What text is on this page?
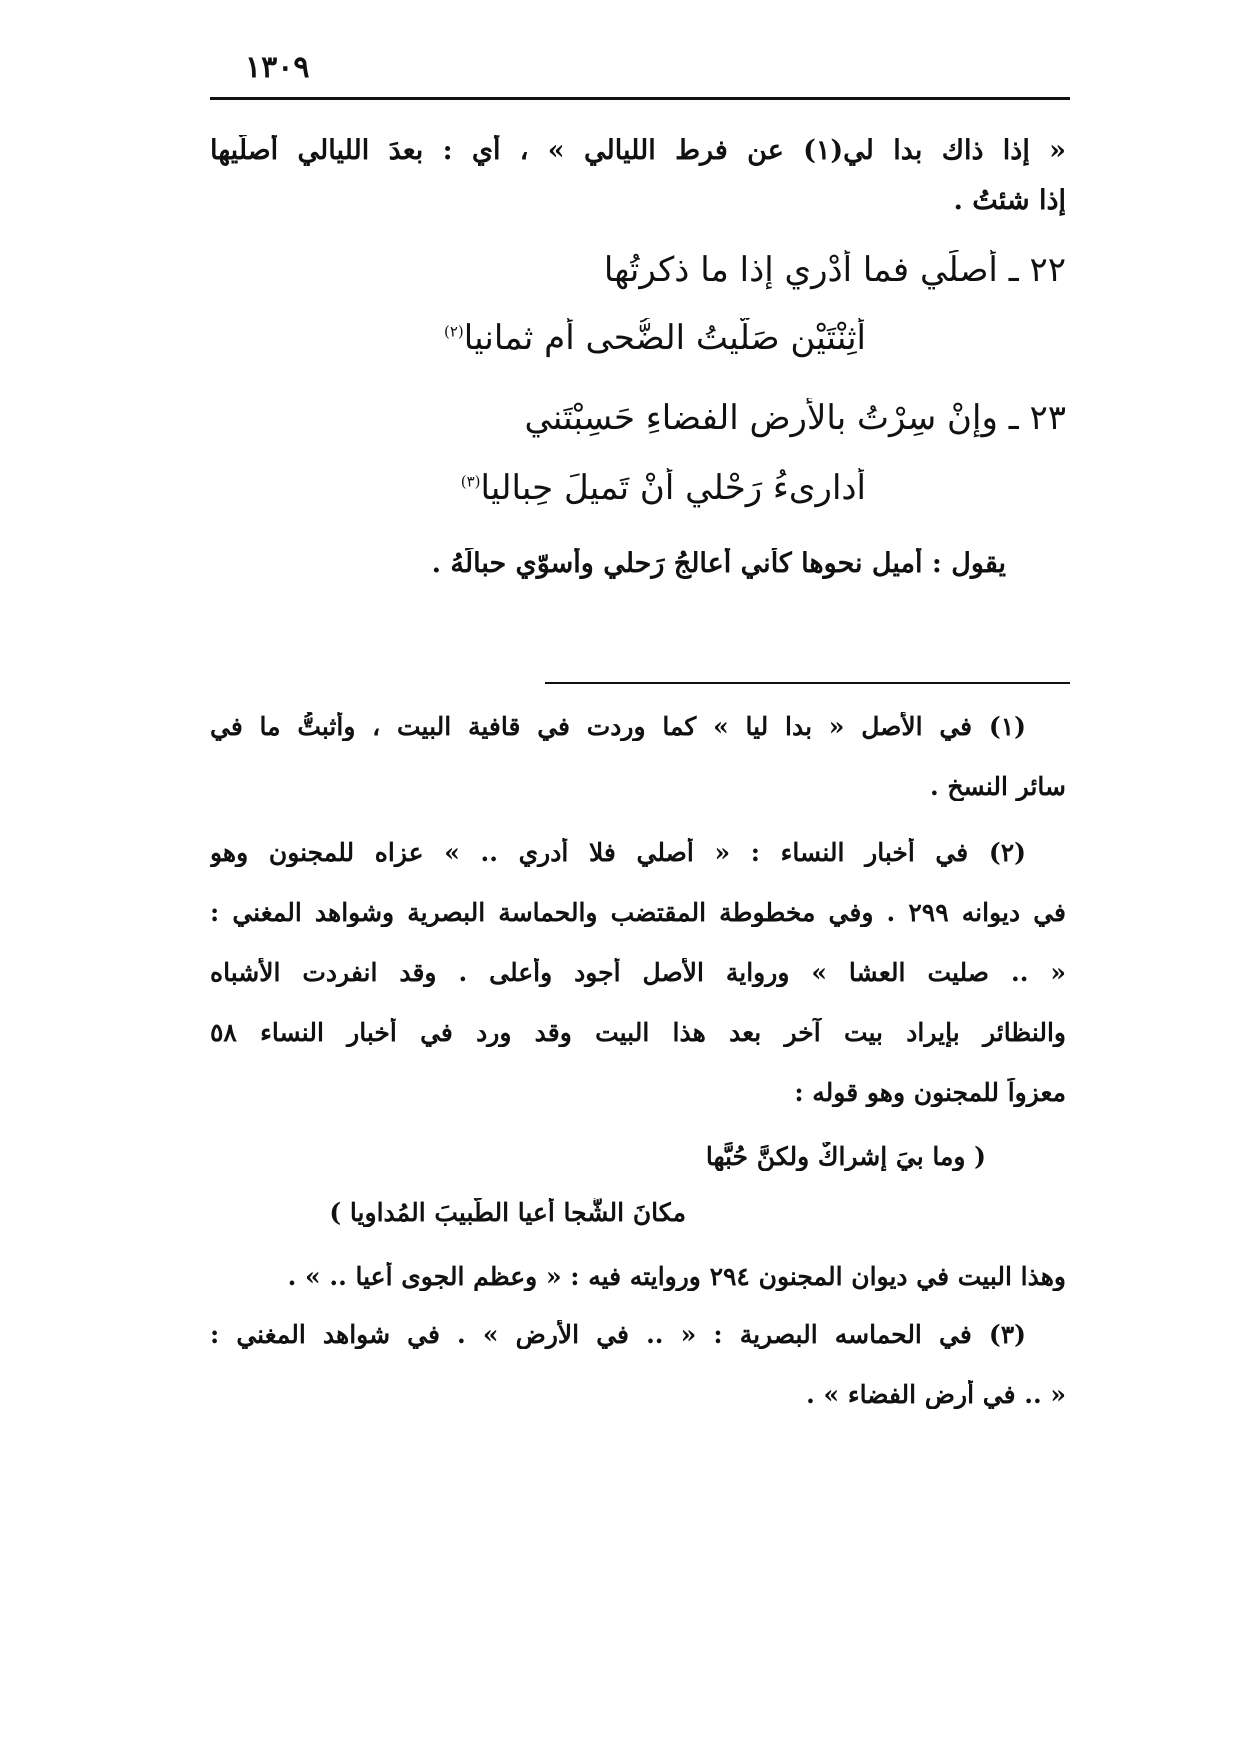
١٣٠٩
« إذا ذاك بدا لي(١) عن فرط الليالي » ، أي : بعدَ الليالي أصلّيها
إذا شئتُ .
٢٢ ـ أُصلِّي فما أدْري إذا ما ذكرتُها
أَثِنْتَيْنِ صَلَّيتُ الضُّحى أم ثمانيا$^{(٢)}$
٢٣ ـ وإنْ سِرْتُ بالأرضِ الفضاءِ حَسِبْتَني
أُدارِىءُ رَحْلي أنْ تَميلَ حِباليا$^{(٣)}$
يقول : أميل نحوها كأني أعالجُ رَحلي وأسوّي حبالَهُ .
(١) في الأصل « بدا ليا » كما وردت في قافية البيت ، وأثبتُّ ما في
سائر النسخ .
(٢) في أخبار النساء : « أصلي فلا أدري .. » عزاه للمجنون وهو
في ديوانه ٢٩٩ . وفي مخطوطة المقتضب والحماسة البصرية وشواهد المغني :
« .. صليت العشا » ورواية الأصل أجود وأعلى . وقد انفردت الأشباه
والنظائر بإيراد بيت آخر بعد هذا البيت وقد ورد في أخبار النساء ٥٨
معزواً للمجنون وهو قوله :
( وما بيَ إشراكٌ ولكنَّ حُبَّها
مكانَ الشَّجا أعيا الطّبيبَ المُداويا )
وهذا البيت في ديوان المجنون ٢٩٤ وروايته فيه : « وعظم الجوى أعيا .. » .
(٣) في الحماسه البصرية : « .. في الأرض » . في شواهد المغني :
« .. في أرض الفضاء » .
